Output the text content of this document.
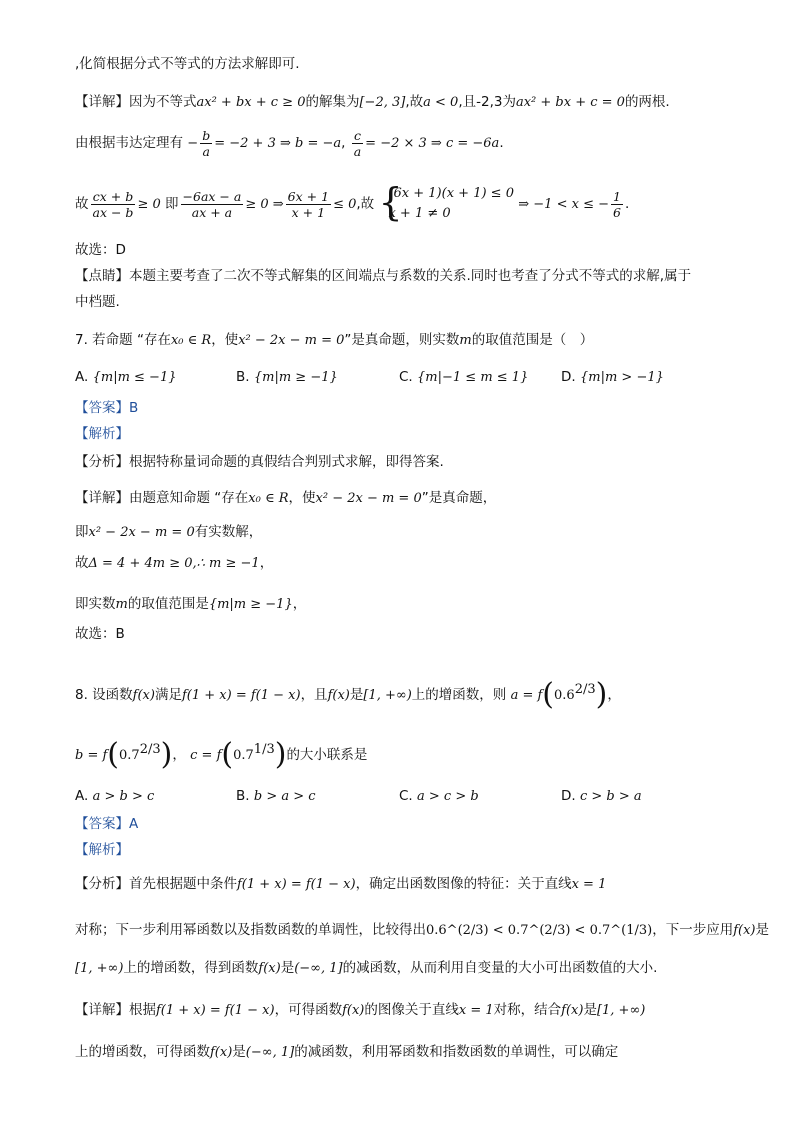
,化简根据分式不等式的方法求解即可.
【详解】因为不等式ax² + bx + c ≥ 0的解集为[−2, 3],故a < 0,且-2,3为ax² + bx + c = 0的两根.
由根据韦达定理有 − $\frac{b}{a} = -2 + 3$ ⇒ b = −a, $\frac{c}{a} = -2 \times 3$ ⇒ c = −6a.
故 $\frac{cx + b}{ax - b} \ge 0$ 即 $\frac{-6ax - a}{ax + a} \ge 0$ ⇒ $\frac{6x + 1}{x + 1} \le 0$,故 {
(6x + 1)(x + 1) ≤ 0
x + 1 ≠ 0
⇒ −1 < x ≤ − $\frac{1}{6}$ .
故选：D
【点睛】本题主要考查了二次不等式解集的区间端点与系数的关系.同时也考查了分式不等式的求解,属于
中档题.
7. 若命题 “存在x₀ ∈ R，使x² − 2x − m = 0”是真命题，则实数m的取值范围是（　）
A. {m|m ≤ −1}	B. {m|m ≥ −1}	C. {m|−1 ≤ m ≤ 1} D. {m|m > −1}
【答案】B
【解析】
【分析】根据特称量词命题的真假结合判别式求解，即得答案.
【详解】由题意知命题 “存在x₀ ∈ R，使x² − 2x − m = 0”是真命题，
即x² − 2x − m = 0有实数解，
故Δ = 4 + 4m ≥ 0,∴ m ≥ −1，
即实数m的取值范围是{m|m ≥ −1}，
故选：B
8. 设函数f(x)满足f(1 + x) = f(1 − x)，且f(x)是[1, +∞)上的增函数，则 $a = f(0.6^{2/3})$，
$b = f(0.7^{2/3})$， $c = f(0.7^{1/3})$的大小联系是
A. a > b > c	B. b > a > c	C. a > c > b	D. c > b > a
【答案】A
【解析】
【分析】首先根据题中条件f(1 + x) = f(1 − x)，确定出函数图像的特征：关于直线x = 1
对称；下一步利用幂函数以及指数函数的单调性，比较得出0.6^(2/3) < 0.7^(2/3) < 0.7^(1/3)，下一步应用f(x)是
[1, +∞)上的增函数，得到函数f(x)是(−∞, 1]的减函数，从而利用自变量的大小可出函数值的大小.
【详解】根据f(1 + x) = f(1 − x)，可得函数f(x)的图像关于直线x = 1对称，结合f(x)是[1, +∞)
上的增函数，可得函数f(x)是(−∞, 1]的减函数，利用幂函数和指数函数的单调性，可以确定
